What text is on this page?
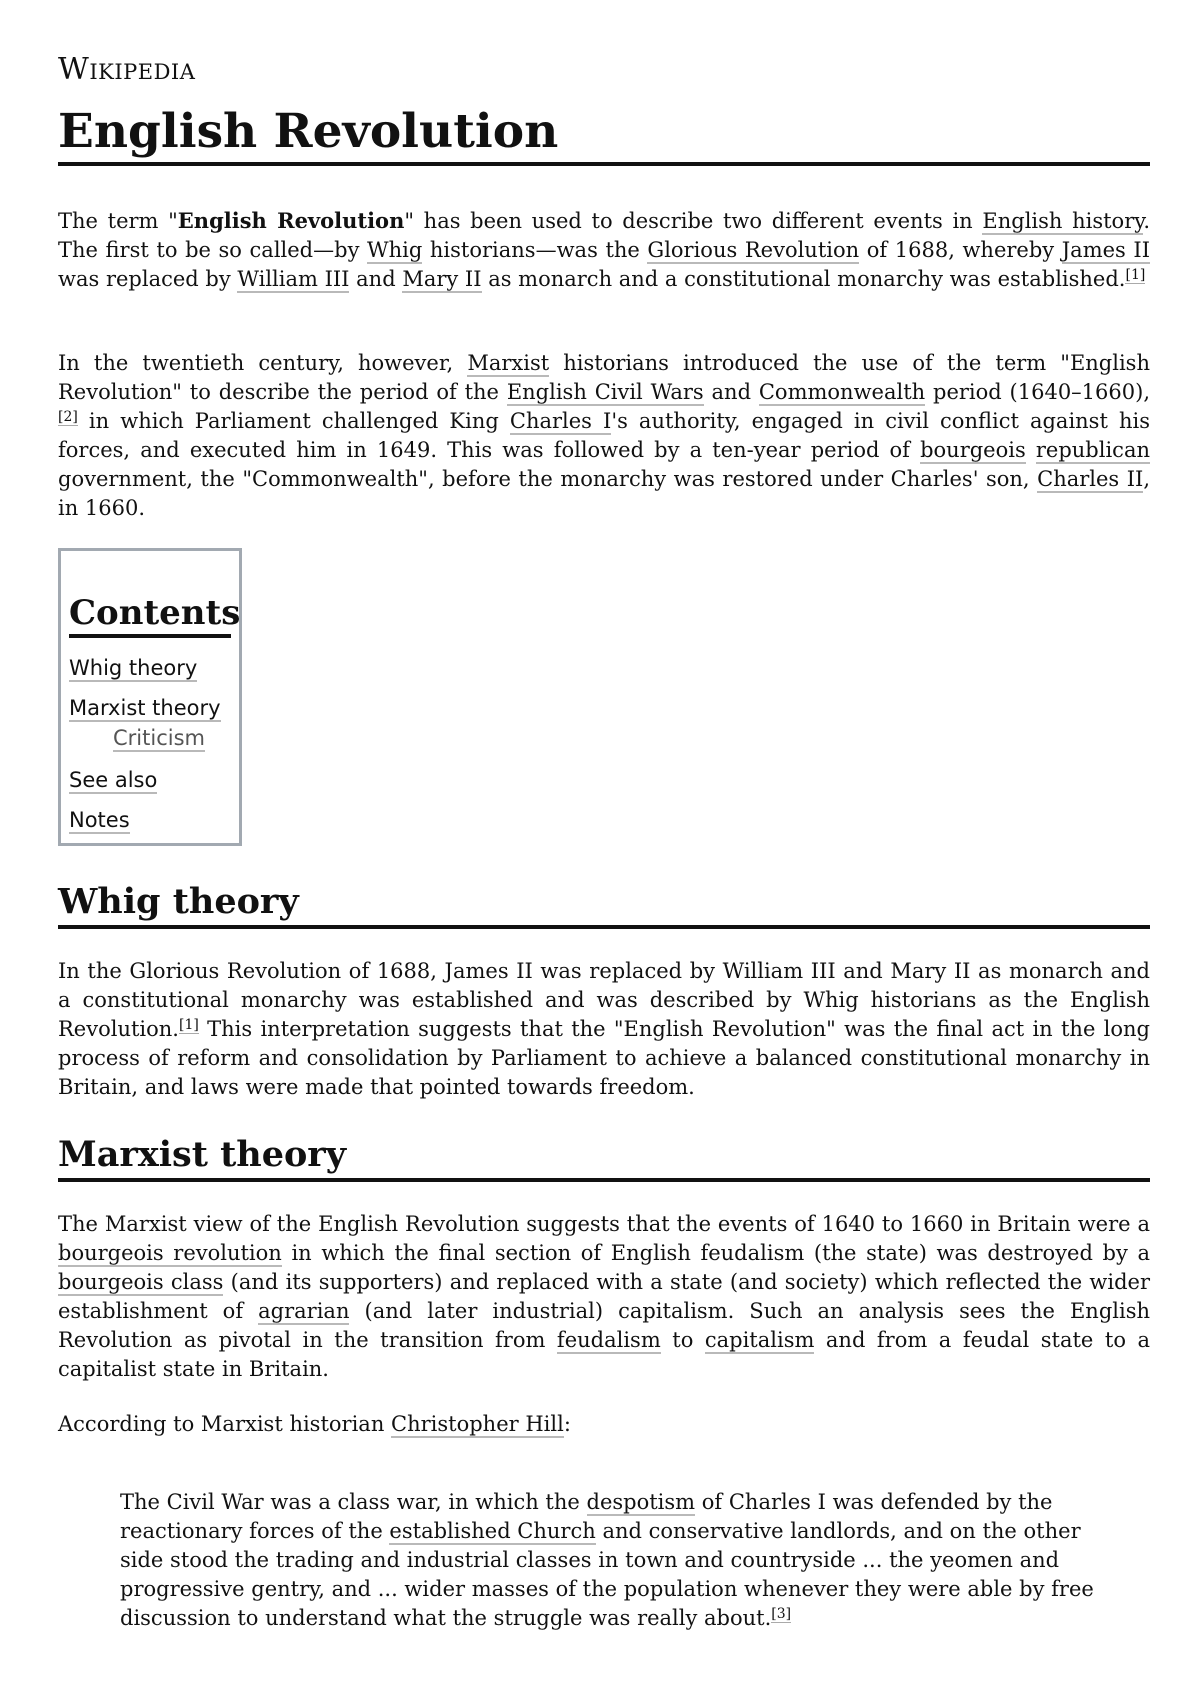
Wikipedia
English Revolution

The term "English Revolution" has been used to describe two different events in English history. The first to be so called—by Whig historians—was the Glorious Revolution of 1688, whereby James II was replaced by William III and Mary II as monarch and a constitutional monarchy was established.[1]

In the twentieth century, however, Marxist historians introduced the use of the term "English Revolution" to describe the period of the English Civil Wars and Commonwealth period (1640–1660),[2] in which Parliament challenged King Charles I's authority, engaged in civil conflict against his forces, and executed him in 1649. This was followed by a ten-year period of bourgeois republican government, the "Commonwealth", before the monarchy was restored under Charles' son, Charles II, in 1660.

Contents
Whig theory
Marxist theory
Criticism
See also
Notes
Whig theory

In the Glorious Revolution of 1688, James II was replaced by William III and Mary II as monarch and a constitutional monarchy was established and was described by Whig historians as the English Revolution.[1] This interpretation suggests that the "English Revolution" was the final act in the long process of reform and consolidation by Parliament to achieve a balanced constitutional monarchy in Britain, and laws were made that pointed towards freedom.

Marxist theory

The Marxist view of the English Revolution suggests that the events of 1640 to 1660 in Britain were a bourgeois revolution in which the final section of English feudalism (the state) was destroyed by a bourgeois class (and its supporters) and replaced with a state (and society) which reflected the wider establishment of agrarian (and later industrial) capitalism. Such an analysis sees the English Revolution as pivotal in the transition from feudalism to capitalism and from a feudal state to a capitalist state in Britain.

According to Marxist historian Christopher Hill:

The Civil War was a class war, in which the despotism of Charles I was defended by the reactionary forces of the established Church and conservative landlords, and on the other side stood the trading and industrial classes in town and countryside ... the yeomen and progressive gentry, and ... wider masses of the population whenever they were able by free discussion to understand what the struggle was really about.[3]
